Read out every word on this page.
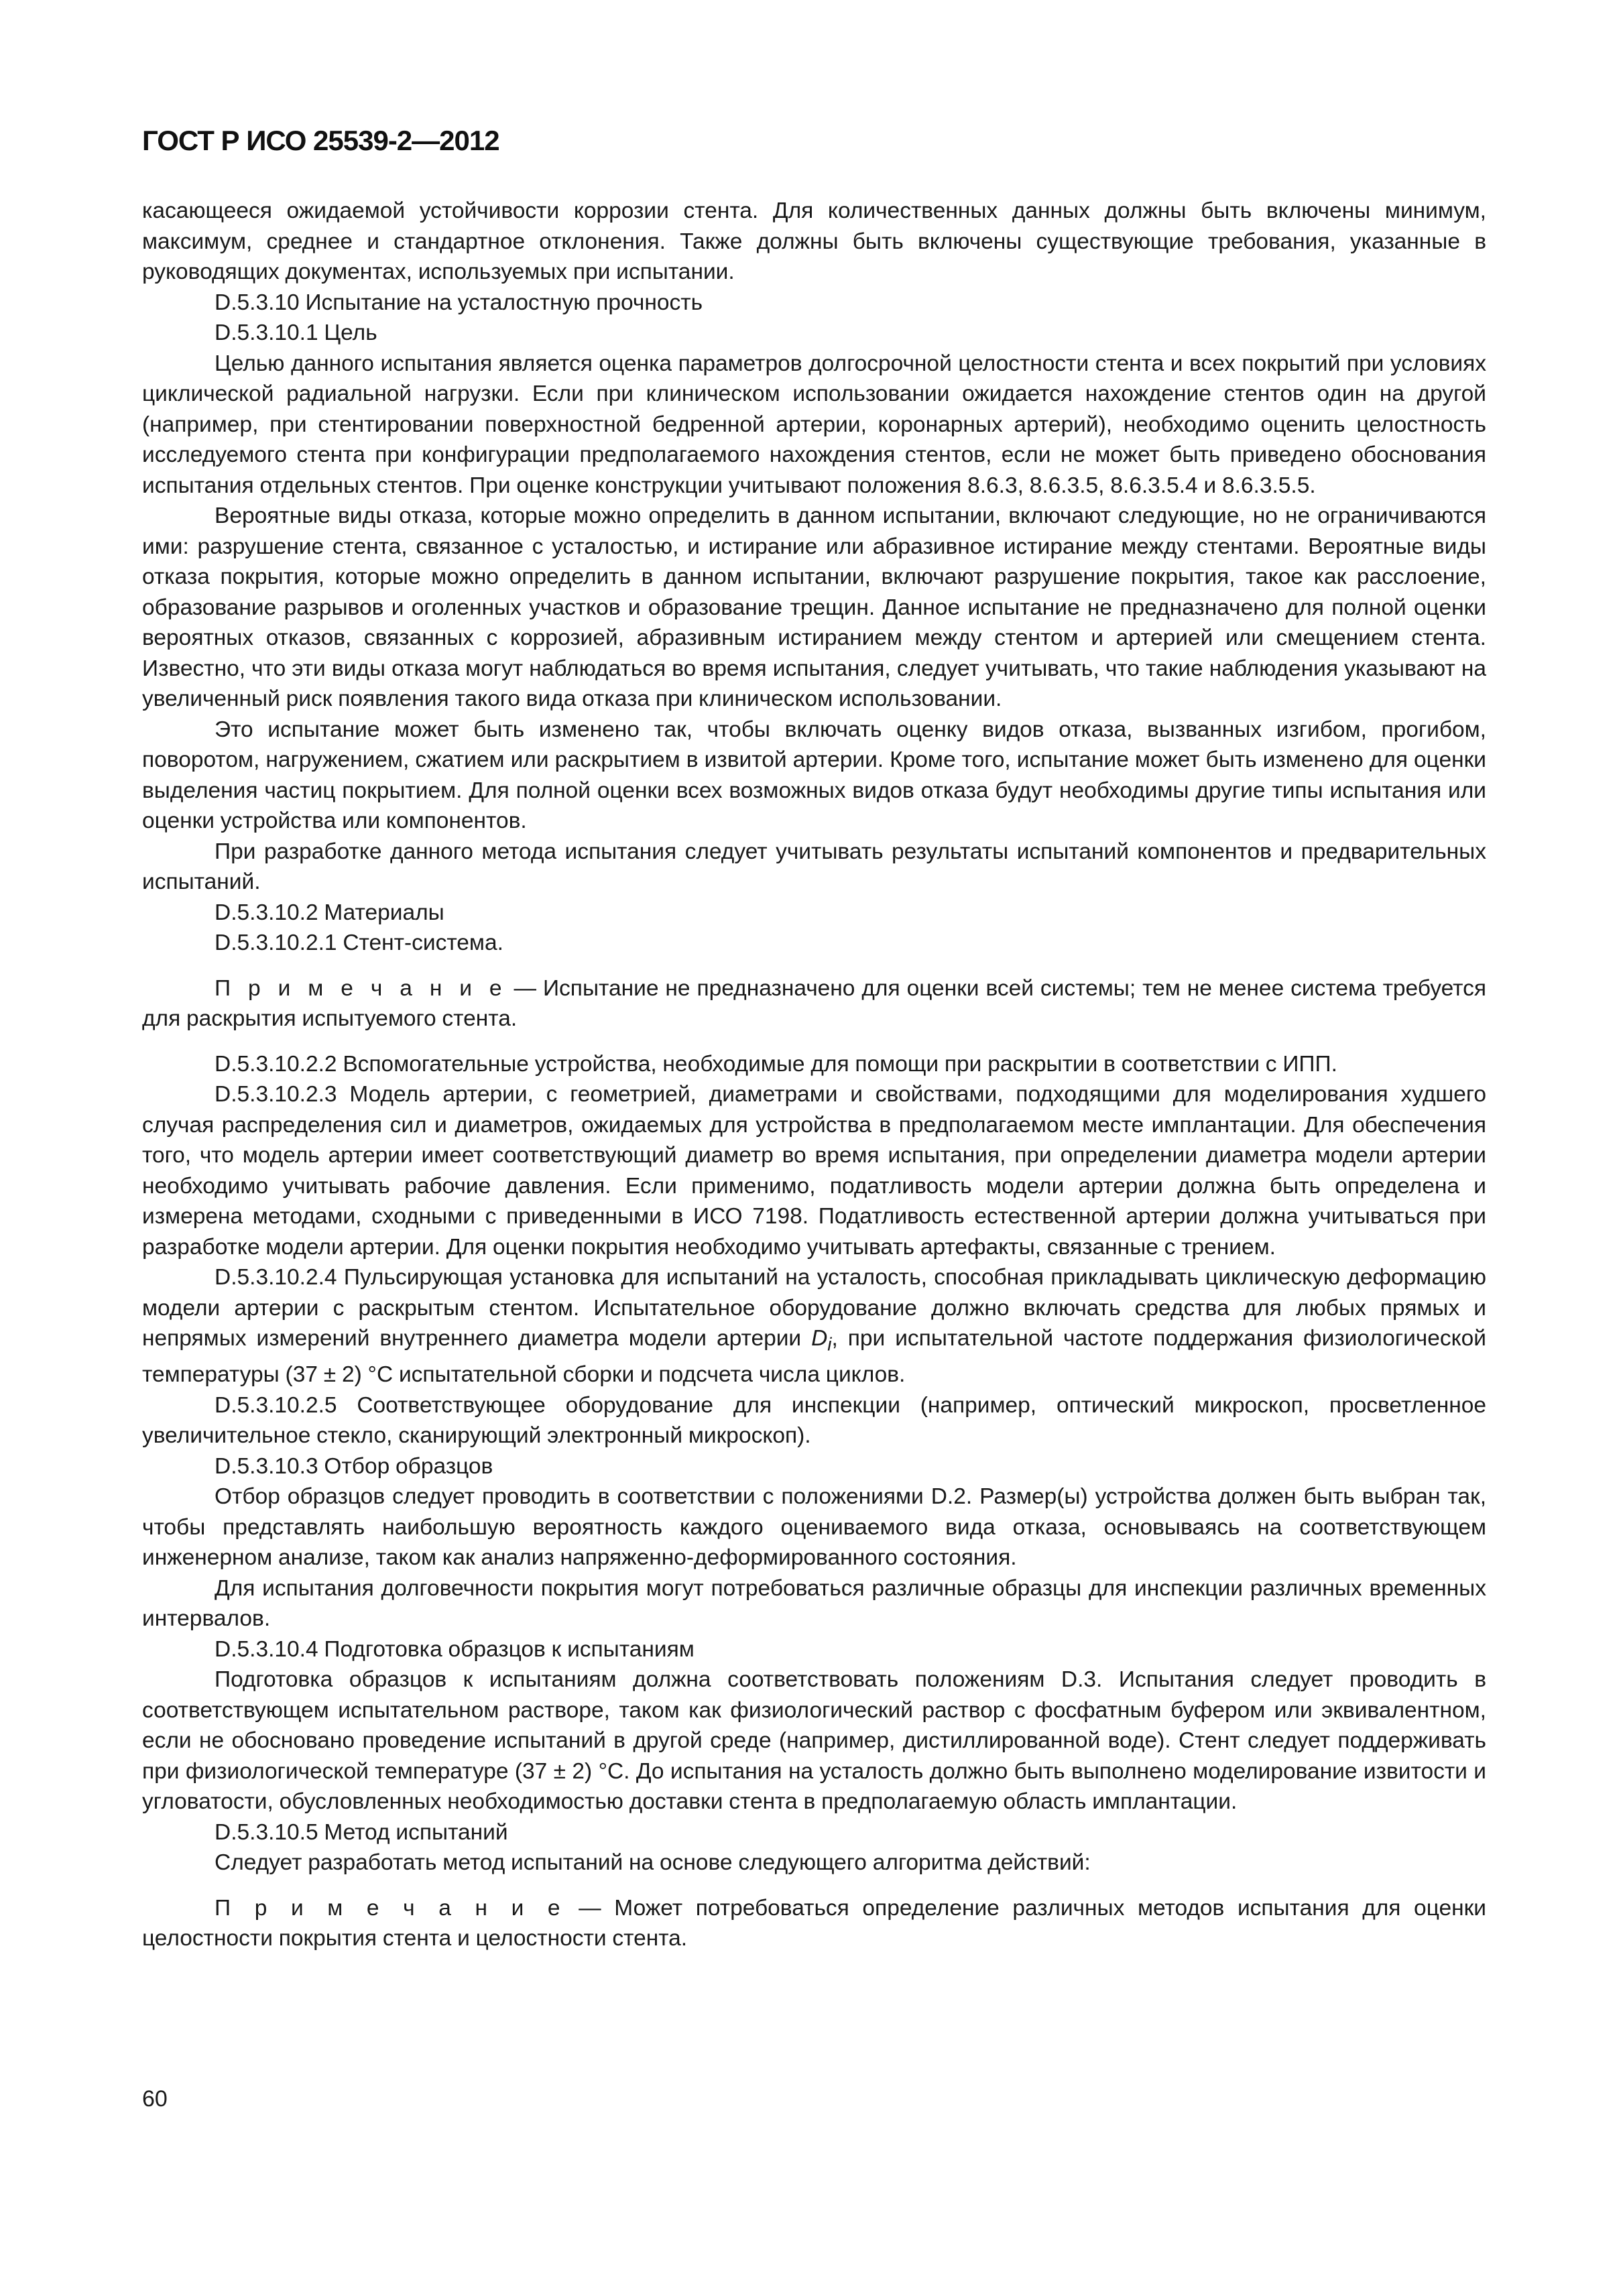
ГОСТ Р ИСО 25539-2—2012

касающееся ожидаемой устойчивости коррозии стента. Для количественных данных должны быть включены минимум, максимум, среднее и стандартное отклонения. Также должны быть включены существующие требования, указанные в руководящих документах, используемых при испытании.

D.5.3.10 Испытание на усталостную прочность

D.5.3.10.1 Цель

Целью данного испытания является оценка параметров долгосрочной целостности стента и всех покрытий при условиях циклической радиальной нагрузки. Если при клиническом использовании ожидается нахождение стентов один на другой (например, при стентировании поверхностной бедренной артерии, коронарных артерий), необходимо оценить целостность исследуемого стента при конфигурации предполагаемого нахождения стентов, если не может быть приведено обоснования испытания отдельных стентов. При оценке конструкции учитывают положения 8.6.3, 8.6.3.5, 8.6.3.5.4 и 8.6.3.5.5.

Вероятные виды отказа, которые можно определить в данном испытании, включают следующие, но не ограничиваются ими: разрушение стента, связанное с усталостью, и истирание или абразивное истирание между стентами. Вероятные виды отказа покрытия, которые можно определить в данном испытании, включают разрушение покрытия, такое как расслоение, образование разрывов и оголенных участков и образование трещин. Данное испытание не предназначено для полной оценки вероятных отказов, связанных с коррозией, абразивным истиранием между стентом и артерией или смещением стента. Известно, что эти виды отказа могут наблюдаться во время испытания, следует учитывать, что такие наблюдения указывают на увеличенный риск появления такого вида отказа при клиническом использовании.

Это испытание может быть изменено так, чтобы включать оценку видов отказа, вызванных изгибом, прогибом, поворотом, нагружением, сжатием или раскрытием в извитой артерии. Кроме того, испытание может быть изменено для оценки выделения частиц покрытием. Для полной оценки всех возможных видов отказа будут необходимы другие типы испытания или оценки устройства или компонентов.

При разработке данного метода испытания следует учитывать результаты испытаний компонентов и предварительных испытаний.

D.5.3.10.2 Материалы

D.5.3.10.2.1 Стент-система.

П р и м е ч а н и е — Испытание не предназначено для оценки всей системы; тем не менее система требуется для раскрытия испытуемого стента.

D.5.3.10.2.2 Вспомогательные устройства, необходимые для помощи при раскрытии в соответствии с ИПП.

D.5.3.10.2.3 Модель артерии, с геометрией, диаметрами и свойствами, подходящими для моделирования худшего случая распределения сил и диаметров, ожидаемых для устройства в предполагаемом месте имплантации. Для обеспечения того, что модель артерии имеет соответствующий диаметр во время испытания, при определении диаметра модели артерии необходимо учитывать рабочие давления. Если применимо, податливость модели артерии должна быть определена и измерена методами, сходными с приведенными в ИСО 7198. Податливость естественной артерии должна учитываться при разработке модели артерии. Для оценки покрытия необходимо учитывать артефакты, связанные с трением.

D.5.3.10.2.4 Пульсирующая установка для испытаний на усталость, способная прикладывать циклическую деформацию модели артерии с раскрытым стентом. Испытательное оборудование должно включать средства для любых прямых и непрямых измерений внутреннего диаметра модели артерии $D_i$, при испытательной частоте поддержания физиологической температуры (37 ± 2) °С испытательной сборки и подсчета числа циклов.

D.5.3.10.2.5 Соответствующее оборудование для инспекции (например, оптический микроскоп, просветленное увеличительное стекло, сканирующий электронный микроскоп).

D.5.3.10.3 Отбор образцов

Отбор образцов следует проводить в соответствии с положениями D.2. Размер(ы) устройства должен быть выбран так, чтобы представлять наибольшую вероятность каждого оцениваемого вида отказа, основываясь на соответствующем инженерном анализе, таком как анализ напряженно-деформированного состояния.

Для испытания долговечности покрытия могут потребоваться различные образцы для инспекции различных временных интервалов.

D.5.3.10.4 Подготовка образцов к испытаниям

Подготовка образцов к испытаниям должна соответствовать положениям D.3. Испытания следует проводить в соответствующем испытательном растворе, таком как физиологический раствор с фосфатным буфером или эквивалентном, если не обосновано проведение испытаний в другой среде (например, дистиллированной воде). Стент следует поддерживать при физиологической температуре (37 ± 2) °С. До испытания на усталость должно быть выполнено моделирование извитости и угловатости, обусловленных необходимостью доставки стента в предполагаемую область имплантации.

D.5.3.10.5 Метод испытаний

Следует разработать метод испытаний на основе следующего алгоритма действий:

П р и м е ч а н и е — Может потребоваться определение различных методов испытания для оценки целостности покрытия стента и целостности стента.

60
